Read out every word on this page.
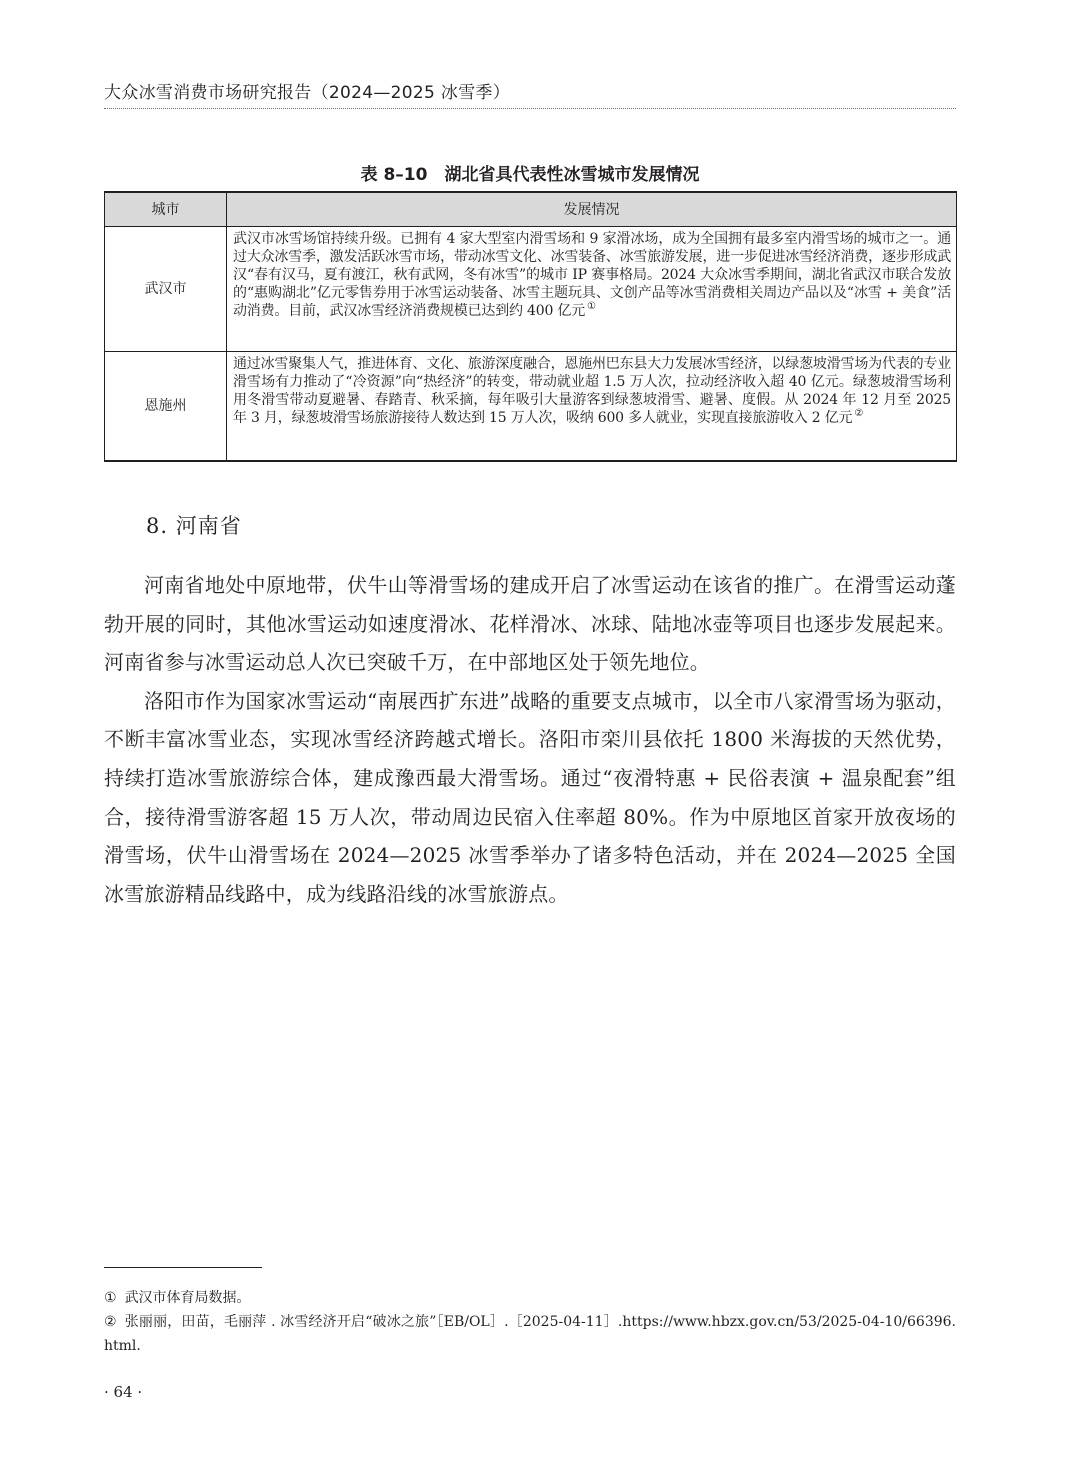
大众冰雪消费市场研究报告（2024—2025 冰雪季）
表 8–10　湖北省具代表性冰雪城市发展情况
城市	发展情况
武汉市	武汉市冰雪场馆持续升级。已拥有 4 家大型室内滑雪场和 9 家滑冰场，成为全国拥有最多室内滑雪场的城市之一。通过大众冰雪季，激发活跃冰雪市场，带动冰雪文化、冰雪装备、冰雪旅游发展，进一步促进冰雪经济消费，逐步形成武汉“春有汉马，夏有渡江，秋有武网，冬有冰雪”的城市 IP 赛事格局。2024 大众冰雪季期间，湖北省武汉市联合发放的“惠购湖北”亿元零售券用于冰雪运动装备、冰雪主题玩具、文创产品等冰雪消费相关周边产品以及“冰雪 + 美食”活动消费。目前，武汉冰雪经济消费规模已达到约 400 亿元 ①
恩施州	通过冰雪聚集人气，推进体育、文化、旅游深度融合，恩施州巴东县大力发展冰雪经济，以绿葱坡滑雪场为代表的专业滑雪场有力推动了“冷资源”向“热经济”的转变，带动就业超 1.5 万人次，拉动经济收入超 40 亿元。绿葱坡滑雪场利用冬滑雪带动夏避暑、春踏青、秋采摘，每年吸引大量游客到绿葱坡滑雪、避暑、度假。从 2024 年 12 月至 2025 年 3 月，绿葱坡滑雪场旅游接待人数达到 15 万人次，吸纳 600 多人就业，实现直接旅游收入 2 亿元 ②
8. 河南省

河南省地处中原地带，伏牛山等滑雪场的建成开启了冰雪运动在该省的推广。在滑雪运动蓬勃开展的同时，其他冰雪运动如速度滑冰、花样滑冰、冰球、陆地冰壶等项目也逐步发展起来。河南省参与冰雪运动总人次已突破千万，在中部地区处于领先地位。

洛阳市作为国家冰雪运动“南展西扩东进”战略的重要支点城市，以全市八家滑雪场为驱动，不断丰富冰雪业态，实现冰雪经济跨越式增长。洛阳市栾川县依托 1800 米海拔的天然优势，持续打造冰雪旅游综合体，建成豫西最大滑雪场。通过“夜滑特惠 + 民俗表演 + 温泉配套”组合，接待滑雪游客超 15 万人次，带动周边民宿入住率超 80%。作为中原地区首家开放夜场的滑雪场，伏牛山滑雪场在 2024—2025 冰雪季举办了诸多特色活动，并在 2024—2025 全国冰雪旅游精品线路中，成为线路沿线的冰雪旅游点。

① 武汉市体育局数据。

② 张丽丽，田苗，毛丽萍 . 冰雪经济开启“破冰之旅”［EB/OL］.［2025-04-11］.https://www.hbzx.gov.cn/53/2025-04-10/66396.html.

· 64 ·
